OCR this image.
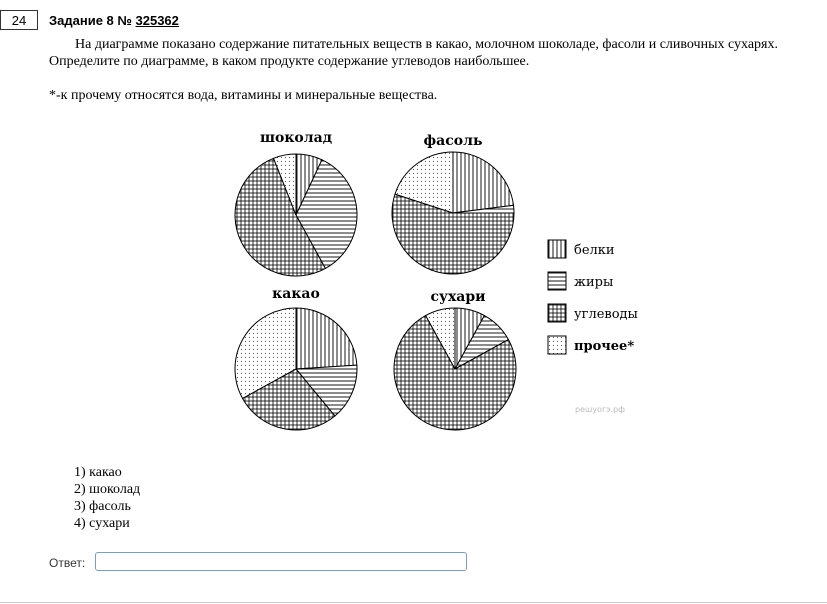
24	Задание 8 № 325362

На диаграмме показано содержание питательных веществ в какао, молочном шоколаде, фасоли и сливочных сухарях.

Определите по диаграмме, в каком продукте содержание углеводов наибольшее.

*-к прочему относятся вода, витамины и минеральные вещества.
шоколад	фасоль
какао	сухари
белки
жиры
углеводы
прочее*
решуогэ.рф
1) какао
2) шоколад
3) фасоль
4) сухари
Ответ:
